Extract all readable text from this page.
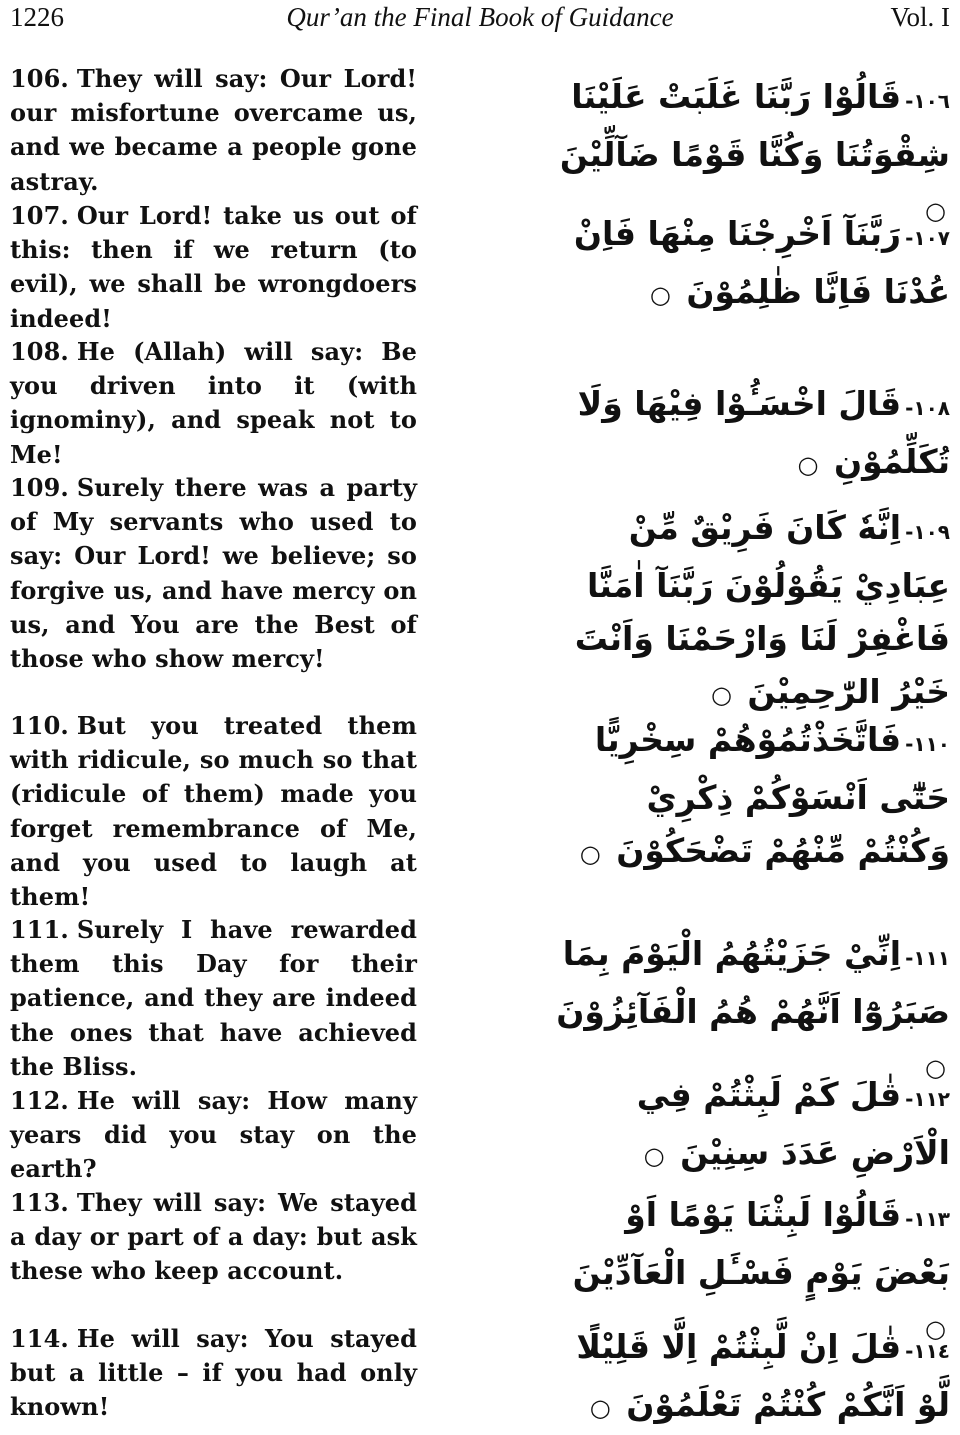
1226	Qur’an the Final Book of Guidance	Vol. I
106. They will say: Our Lord! our misfortune overcame us, and we became a people gone astray.
١٠٦-قَالُوْا رَبَّنَا غَلَبَتْ عَلَيْنَا شِقْوَتُنَا وَكُنَّا قَوْمًا ضَآلِّيْنَ ○
107. Our Lord! take us out of this: then if we return (to evil), we shall be wrongdoers indeed!
١٠٧-رَبَّنَآ اَخْرِجْنَا مِنْهَا فَاِنْ عُدْنَا فَاِنَّا ظٰلِمُوْنَ ○
108. He (Allah) will say: Be you driven into it (with ignominy), and speak not to Me!
١٠٨-قَالَ اخْسَـُٔوْا فِيْهَا وَلَا تُكَلِّمُوْنِ ○
109. Surely there was a party of My servants who used to say: Our Lord! we believe; so forgive us, and have mercy on us, and You are the Best of those who show mercy!
١٠٩-اِنَّهٗ كَانَ فَرِيْقٌ مِّنْ عِبَادِيْ يَقُوْلُوْنَ رَبَّنَآ اٰمَنَّا فَاغْفِرْ لَنَا وَارْحَمْنَا وَاَنْتَ خَيْرُ الرّٰحِمِيْنَ ○
110. But you treated them with ridicule, so much so that (ridicule of them) made you forget remembrance of Me, and you used to laugh at them!
١١٠-فَاتَّخَذْتُمُوْهُمْ سِخْرِيًّا حَتّٰٓى اَنْسَوْكُمْ ذِكْرِيْ وَكُنْتُمْ مِّنْهُمْ تَضْحَكُوْنَ ○
111. Surely I have rewarded them this Day for their patience, and they are indeed the ones that have achieved the Bliss.
١١١-اِنِّيْ جَزَيْتُهُمُ الْيَوْمَ بِمَا صَبَرُوْٓا اَنَّهُمْ هُمُ الْفَآئِزُوْنَ ○
112. He will say: How many years did you stay on the earth?
١١٢-قٰلَ كَمْ لَبِثْتُمْ فِي الْاَرْضِ عَدَدَ سِنِيْنَ ○
113. They will say: We stayed a day or part of a day: but ask these who keep account.
١١٣-قَالُوْا لَبِثْنَا يَوْمًا اَوْ بَعْضَ يَوْمٍ فَسْـَٔلِ الْعَآدِّيْنَ ○
114. He will say: You stayed but a little – if you had only known!
١١٤-قٰلَ اِنْ لَّبِثْتُمْ اِلَّا قَلِيْلًا لَّوْ اَنَّكُمْ كُنْتُمْ تَعْلَمُوْنَ ○
